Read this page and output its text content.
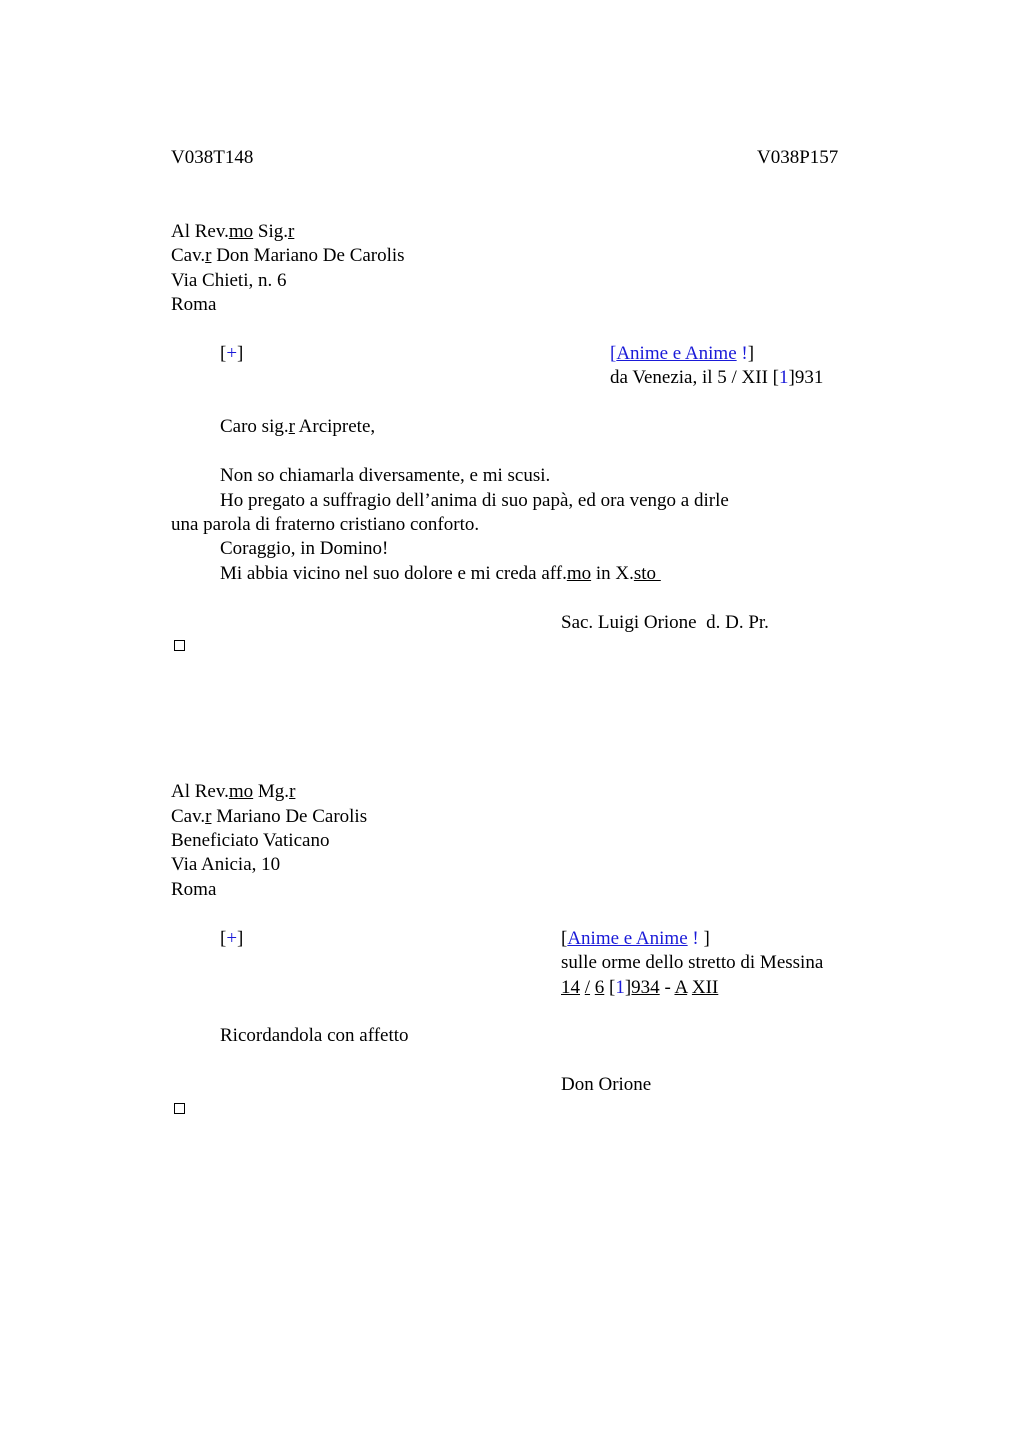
V038T148	V038P157
Al Rev.mo Sig.r
Cav.r Don Mariano De Carolis
Via Chieti, n. 6
Roma
[+]	[Anime e Anime !]
da Venezia, il 5 / XII [1]931
Caro sig.r Arciprete,
Non so chiamarla diversamente, e mi scusi.
Ho pregato a suffragio dell’anima di suo papà, ed ora vengo a dirle
una parola di fraterno cristiano conforto.
Coraggio, in Domino!
Mi abbia vicino nel suo dolore e mi creda aff.mo in X.sto
Sac. Luigi Orione  d. D. Pr.
Al Rev.mo Mg.r
Cav.r Mariano De Carolis
Beneficiato Vaticano
Via Anicia, 10
Roma
[+]	[Anime e Anime ! ]
sulle orme dello stretto di Messina
14 / 6 [1]934 - A XII
Ricordandola con affetto
Don Orione
